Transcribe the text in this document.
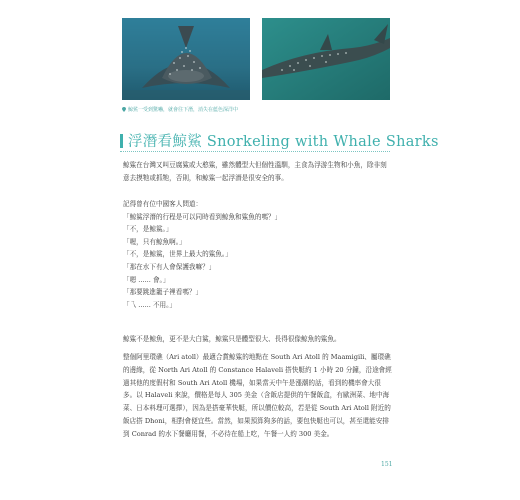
鯨鯊一受到驚嚇，就會往下潛，消失在藍色深洋中
浮潛看鯨鯊 Snorkeling with Whale Sharks

鯨鯊在台灣又叫豆腐鯊或大憨鯊，雖然體型大但個性溫馴，主食為浮游生物和小魚，除非刻意去摸牠或抓牠，否則，和鯨鯊一起浮潛是很安全的事。

記得曾有位中國客人問道：
「鯨鯊浮潛的行程是可以同時看到鯨魚和鯊魚的嗎？」
「不，是鯨鯊。」
「喔，只有鯨魚啊。」
「不，是鯨鯊，世界上最大的鯊魚。」
「那在水下有人會保護我嘛？」
「嗯 ...... 會。」
「那要跳進籠子裡看嗎？」
「乁 ...... 不用。」

鯨鯊不是鯨魚，更不是大白鯊，鯨鯊只是體型很大、長得很像鯨魚的鯊魚。

整個阿里環礁（Ari atoll）最適合賞鯨鯊的地點在 South Ari Atoll 的 Maamigili、屬環礁的邊緣，從 North Ari Atoll 的 Constance Halaveli 搭快艇約 1 小時 20 分鐘，沿途會經過其他的度假村和 South Ari Atoll 機場，如果當天中午是漲潮的話，看到的機率會大很多。以 Halaveli 來說，價格是每人 305 美金（含飯店提供的午餐飯盒，有歐洲菜、地中海菜、日本料理可選擇），因為是搭豪華快艇，所以價位較高，若是從 South Ari Atoll 附近的飯店搭 Dhoni，相對會便宜些。當然，如果預算夠多的話，要包快艇也可以，甚至還能安排到 Conrad 的水下餐廳用餐，不必待在船上吃，午餐一人約 300 美金。

151
